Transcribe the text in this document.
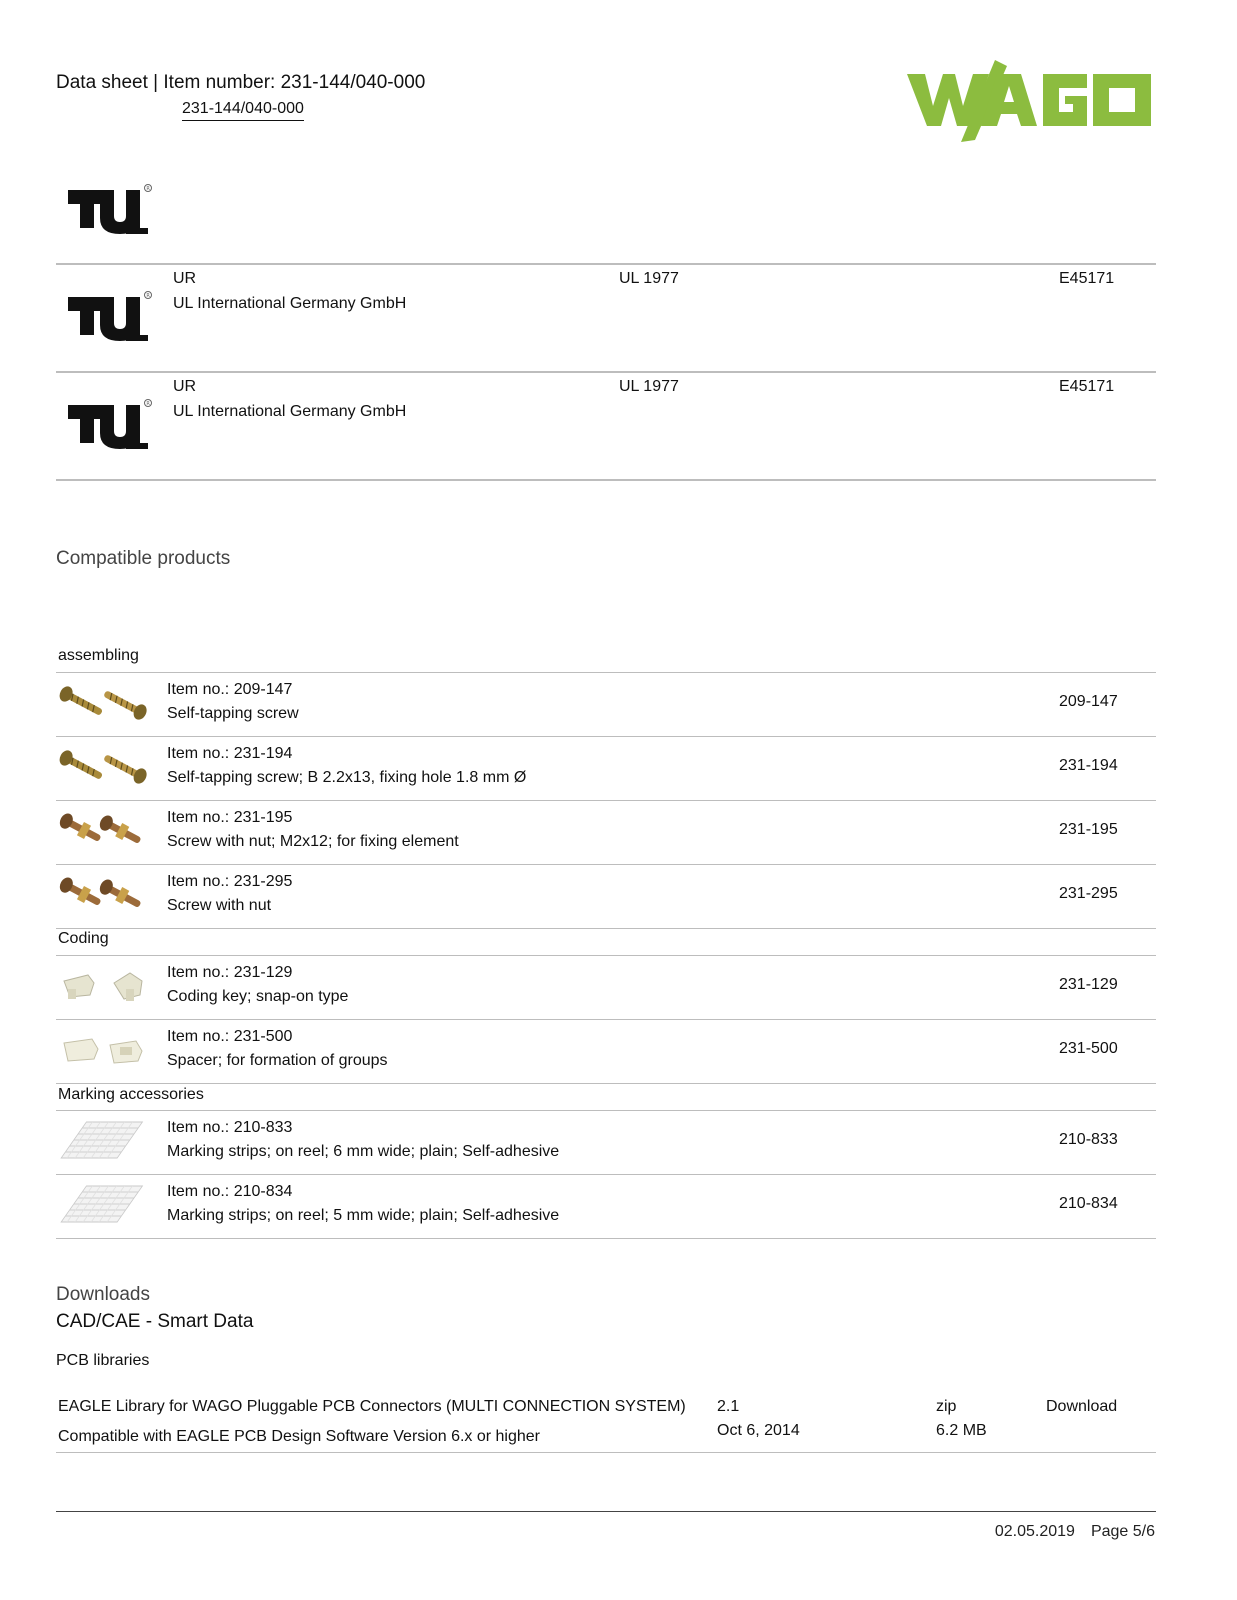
Data sheet | Item number: 231-144/040-000
231-144/040-000
UR
UL International Germany GmbH
UL 1977	E45171
UR
UL International Germany GmbH
UL 1977	E45171
Compatible products
assembling
Item no.: 209-147
Self-tapping screw
209-147
Item no.: 231-194
Self-tapping screw; B 2.2x13, fixing hole 1.8 mm Ø
231-194
Item no.: 231-195
Screw with nut; M2x12; for fixing element
231-195
Item no.: 231-295
Screw with nut
231-295
Coding
Item no.: 231-129
Coding key; snap-on type
231-129
Item no.: 231-500
Spacer; for formation of groups
231-500
Marking accessories
Item no.: 210-833
Marking strips; on reel; 6 mm wide; plain; Self-adhesive
210-833
Item no.: 210-834
Marking strips; on reel; 5 mm wide; plain; Self-adhesive
210-834
Downloads
CAD/CAE - Smart Data
PCB libraries
EAGLE Library for WAGO Pluggable PCB Connectors (MULTI CONNECTION SYSTEM)
Compatible with EAGLE PCB Design Software Version 6.x or higher
2.1
Oct 6, 2014
zip
6.2 MB
Download
02.05.2019 Page 5/6
